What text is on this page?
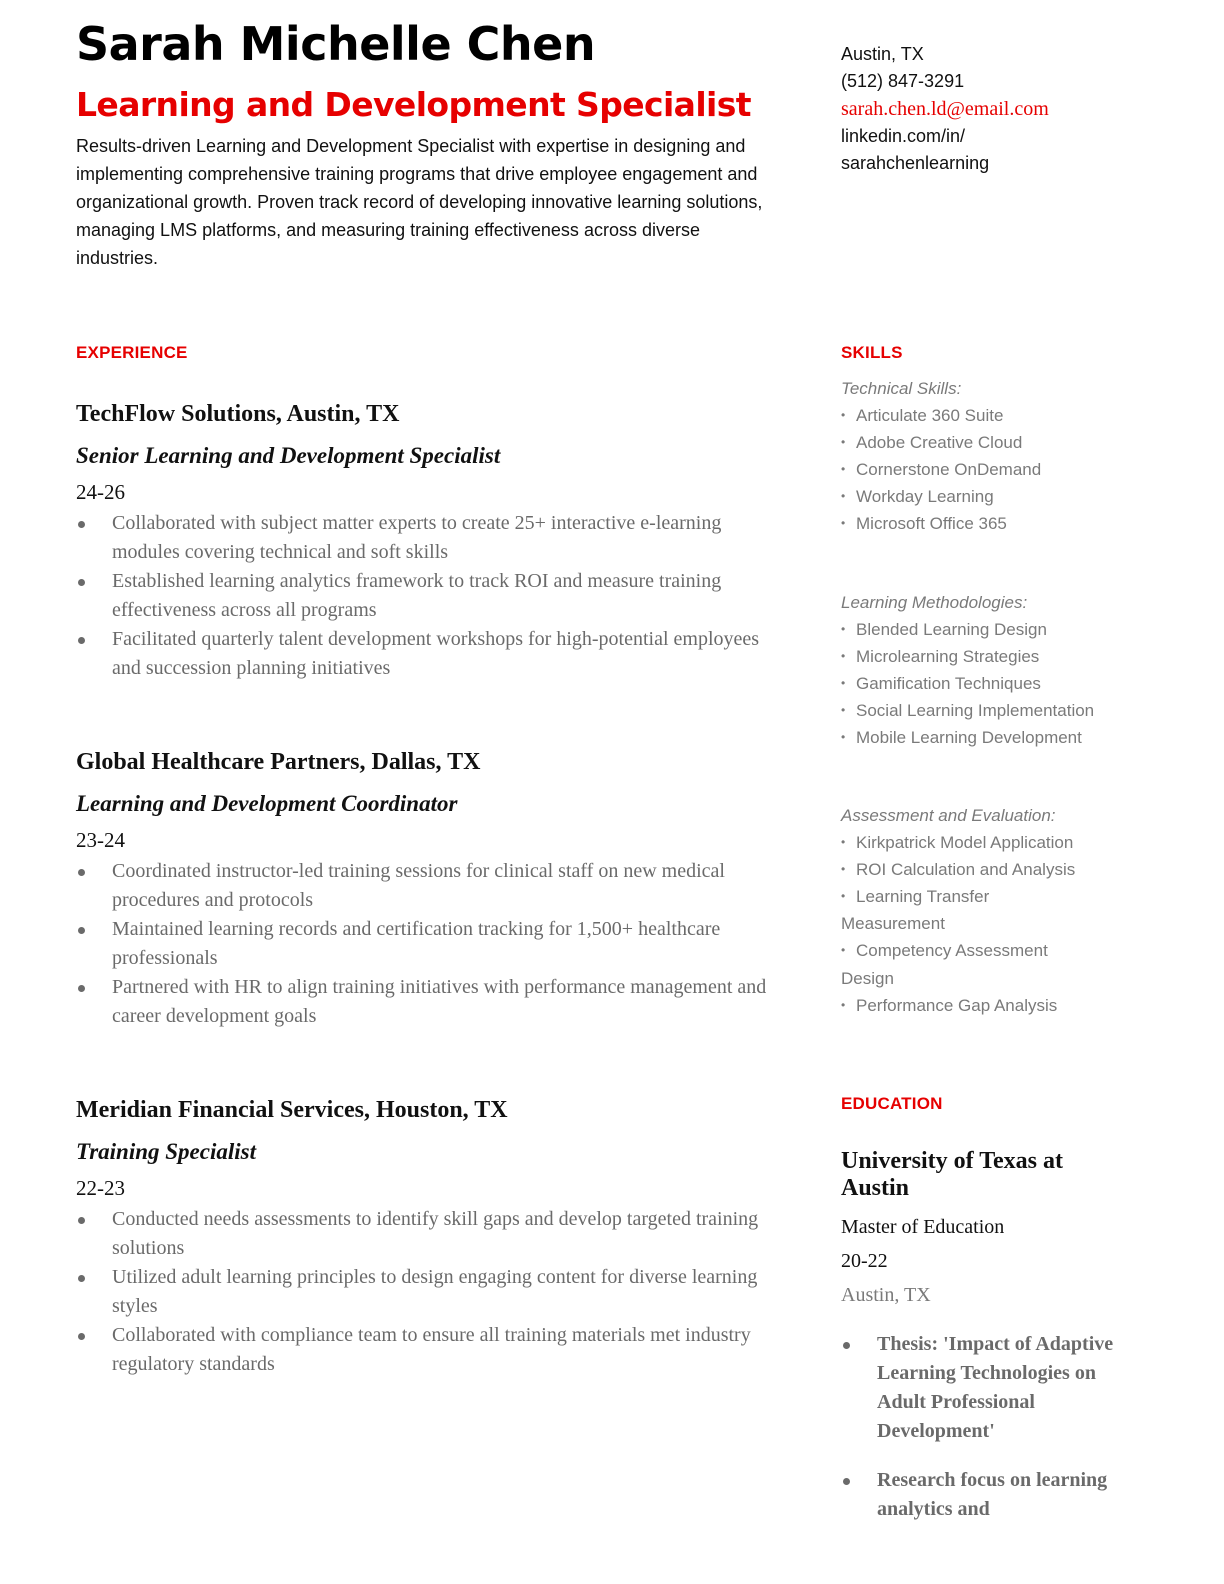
Sarah Michelle Chen
Learning and Development Specialist

Results-driven Learning and Development Specialist with expertise in designing and implementing comprehensive training programs that drive employee engagement and organizational growth. Proven track record of developing innovative learning solutions, managing LMS platforms, and measuring training effectiveness across diverse industries.

EXPERIENCE
TechFlow Solutions, Austin, TX
Senior Learning and Development Specialist
24-26
Collaborated with subject matter experts to create 25+ interactive e-learning modules covering technical and soft skills
Established learning analytics framework to track ROI and measure training effectiveness across all programs
Facilitated quarterly talent development workshops for high-potential employees and succession planning initiatives
Global Healthcare Partners, Dallas, TX
Learning and Development Coordinator
23-24
Coordinated instructor-led training sessions for clinical staff on new medical procedures and protocols
Maintained learning records and certification tracking for 1,500+ healthcare professionals
Partnered with HR to align training initiatives with performance management and career development goals
Meridian Financial Services, Houston, TX
Training Specialist
22-23
Conducted needs assessments to identify skill gaps and develop targeted training solutions
Utilized adult learning principles to design engaging content for diverse learning styles
Collaborated with compliance team to ensure all training materials met industry regulatory standards
Austin, TX
(512) 847-3291
sarah.chen.ld@email.com
linkedin.com/in/
sarahchenlearning
SKILLS
Technical Skills:
• Articulate 360 Suite
• Adobe Creative Cloud
• Cornerstone OnDemand
• Workday Learning
• Microsoft Office 365
Learning Methodologies:
• Blended Learning Design
• Microlearning Strategies
• Gamification Techniques
• Social Learning Implementation
• Mobile Learning Development
Assessment and Evaluation:
• Kirkpatrick Model Application
• ROI Calculation and Analysis
• Learning Transfer Measurement
• Competency Assessment Design
• Performance Gap Analysis
EDUCATION
University of Texas at Austin
Master of Education
20-22
Austin, TX
Thesis: 'Impact of Adaptive Learning Technologies on Adult Professional Development'
Research focus on learning analytics and
